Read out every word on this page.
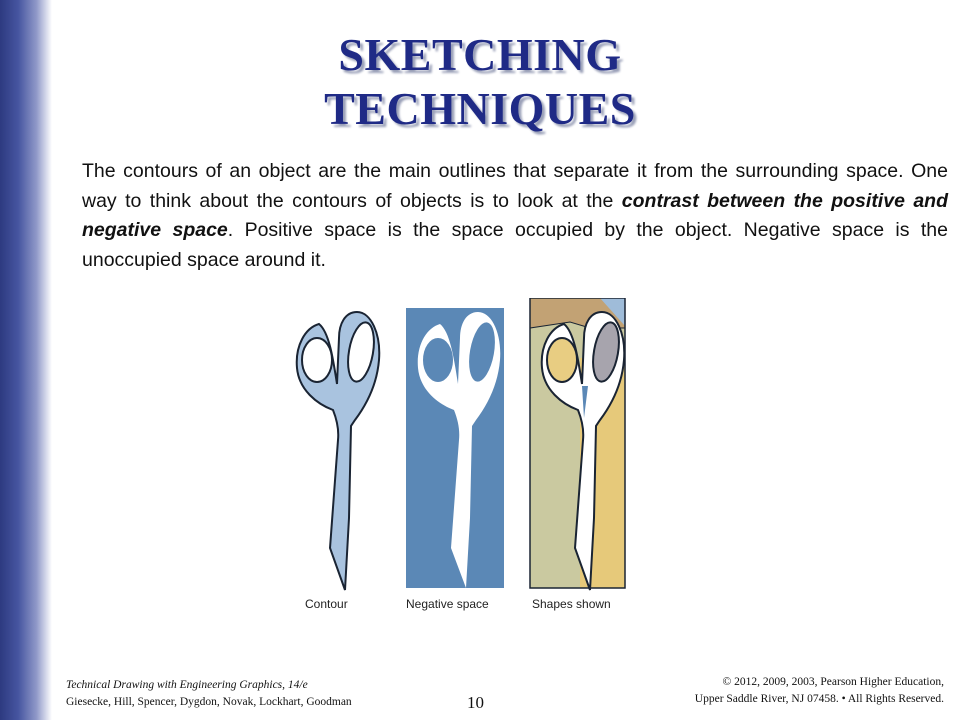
SKETCHING
TECHNIQUES
The contours of an object are the main outlines that separate it from the surrounding space. One way to think about the contours of objects is to look at the contrast between the positive and negative space. Positive space is the space occupied by the object. Negative space is the unoccupied space around it.
Contour	Negative space	Shapes shown
Technical Drawing with Engineering Graphics, 14/e
Giesecke, Hill, Spencer, Dygdon, Novak, Lockhart, Goodman	10
© 2012, 2009, 2003, Pearson Higher Education,
Upper Saddle River, NJ 07458. • All Rights Reserved.
